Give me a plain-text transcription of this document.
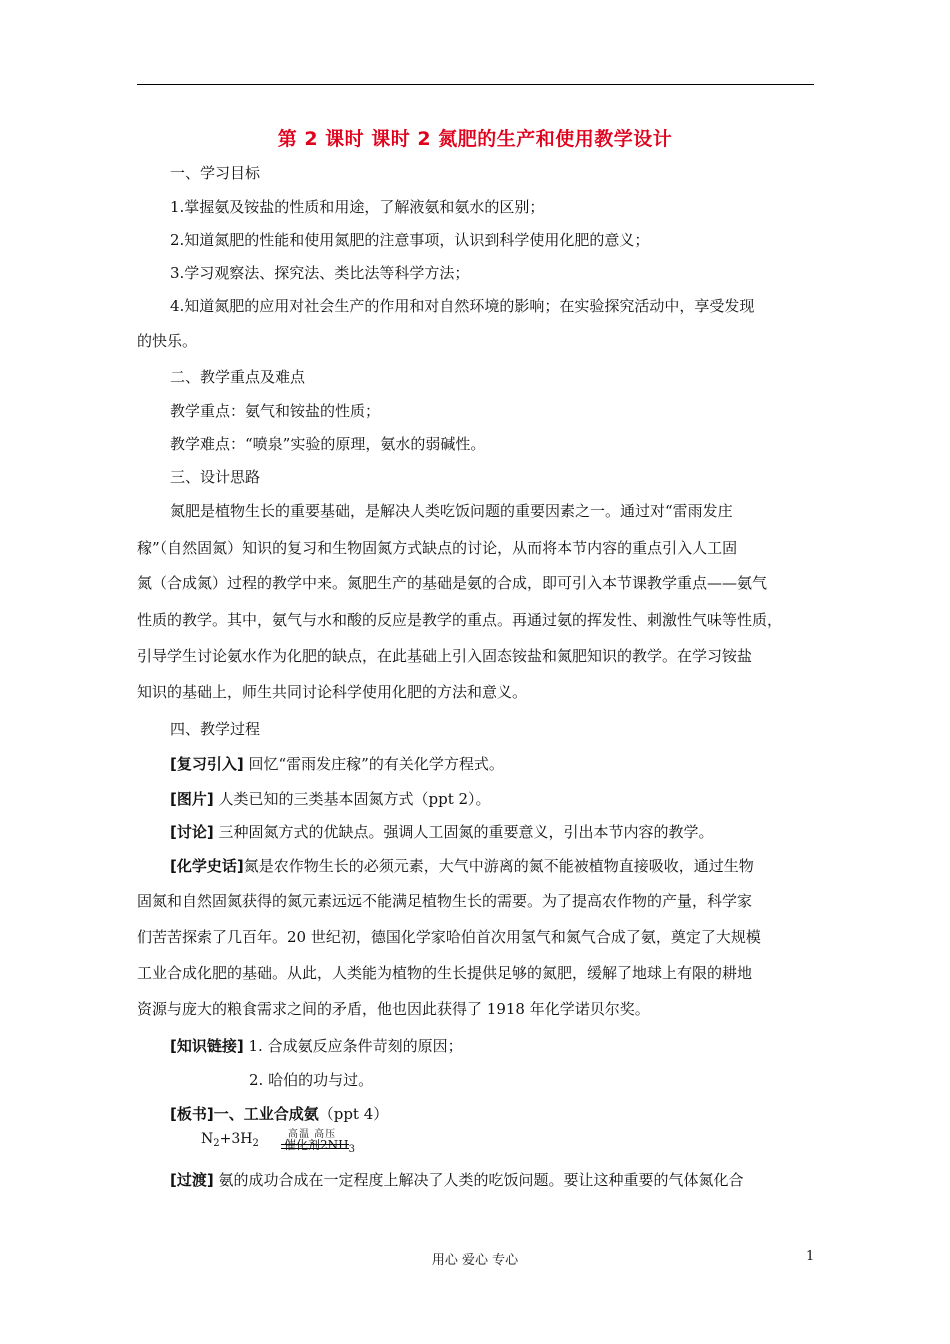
第 2 课时 课时 2 氮肥的生产和使用教学设计
一、学习目标
1.掌握氨及铵盐的性质和用途，了解液氨和氨水的区别；
2.知道氮肥的性能和使用氮肥的注意事项，认识到科学使用化肥的意义；
3.学习观察法、探究法、类比法等科学方法；
4.知道氮肥的应用对社会生产的作用和对自然环境的影响；在实验探究活动中，享受发现
的快乐。
二、教学重点及难点
教学重点：氨气和铵盐的性质；
教学难点：“喷泉”实验的原理，氨水的弱碱性。
三、设计思路
氮肥是植物生长的重要基础，是解决人类吃饭问题的重要因素之一。通过对“雷雨发庄
稼”（自然固氮）知识的复习和生物固氮方式缺点的讨论，从而将本节内容的重点引入人工固
氮（合成氮）过程的教学中来。氮肥生产的基础是氨的合成，即可引入本节课教学重点——氨气
性质的教学。其中，氨气与水和酸的反应是教学的重点。再通过氨的挥发性、刺激性气味等性质，
引导学生讨论氨水作为化肥的缺点，在此基础上引入固态铵盐和氮肥知识的教学。在学习铵盐
知识的基础上，师生共同讨论科学使用化肥的方法和意义。
四、教学过程
[复习引入] 回忆“雷雨发庄稼”的有关化学方程式。
[图片] 人类已知的三类基本固氮方式（ppt 2）。
[讨论] 三种固氮方式的优缺点。强调人工固氮的重要意义，引出本节内容的教学。
[化学史话]氮是农作物生长的必须元素，大气中游离的氮不能被植物直接吸收，通过生物
固氮和自然固氮获得的氮元素远远不能满足植物生长的需要。为了提高农作物的产量，科学家
们苦苦探索了几百年。20 世纪初，德国化学家哈伯首次用氢气和氮气合成了氨，奠定了大规模
工业合成化肥的基础。从此，人类能为植物的生长提供足够的氮肥，缓解了地球上有限的耕地
资源与庞大的粮食需求之间的矛盾，他也因此获得了 1918 年化学诺贝尔奖。
[知识链接] 1. 合成氨反应条件苛刻的原因；
2. 哈伯的功与过。
[板书]一、工业合成氨（ppt 4）
$N_2+3H_2$
高温 高压
催化剂$2NH_3$
[过渡] 氨的成功合成在一定程度上解决了人类的吃饭问题。要让这种重要的气体氮化合
用心 爱心 专心	1
